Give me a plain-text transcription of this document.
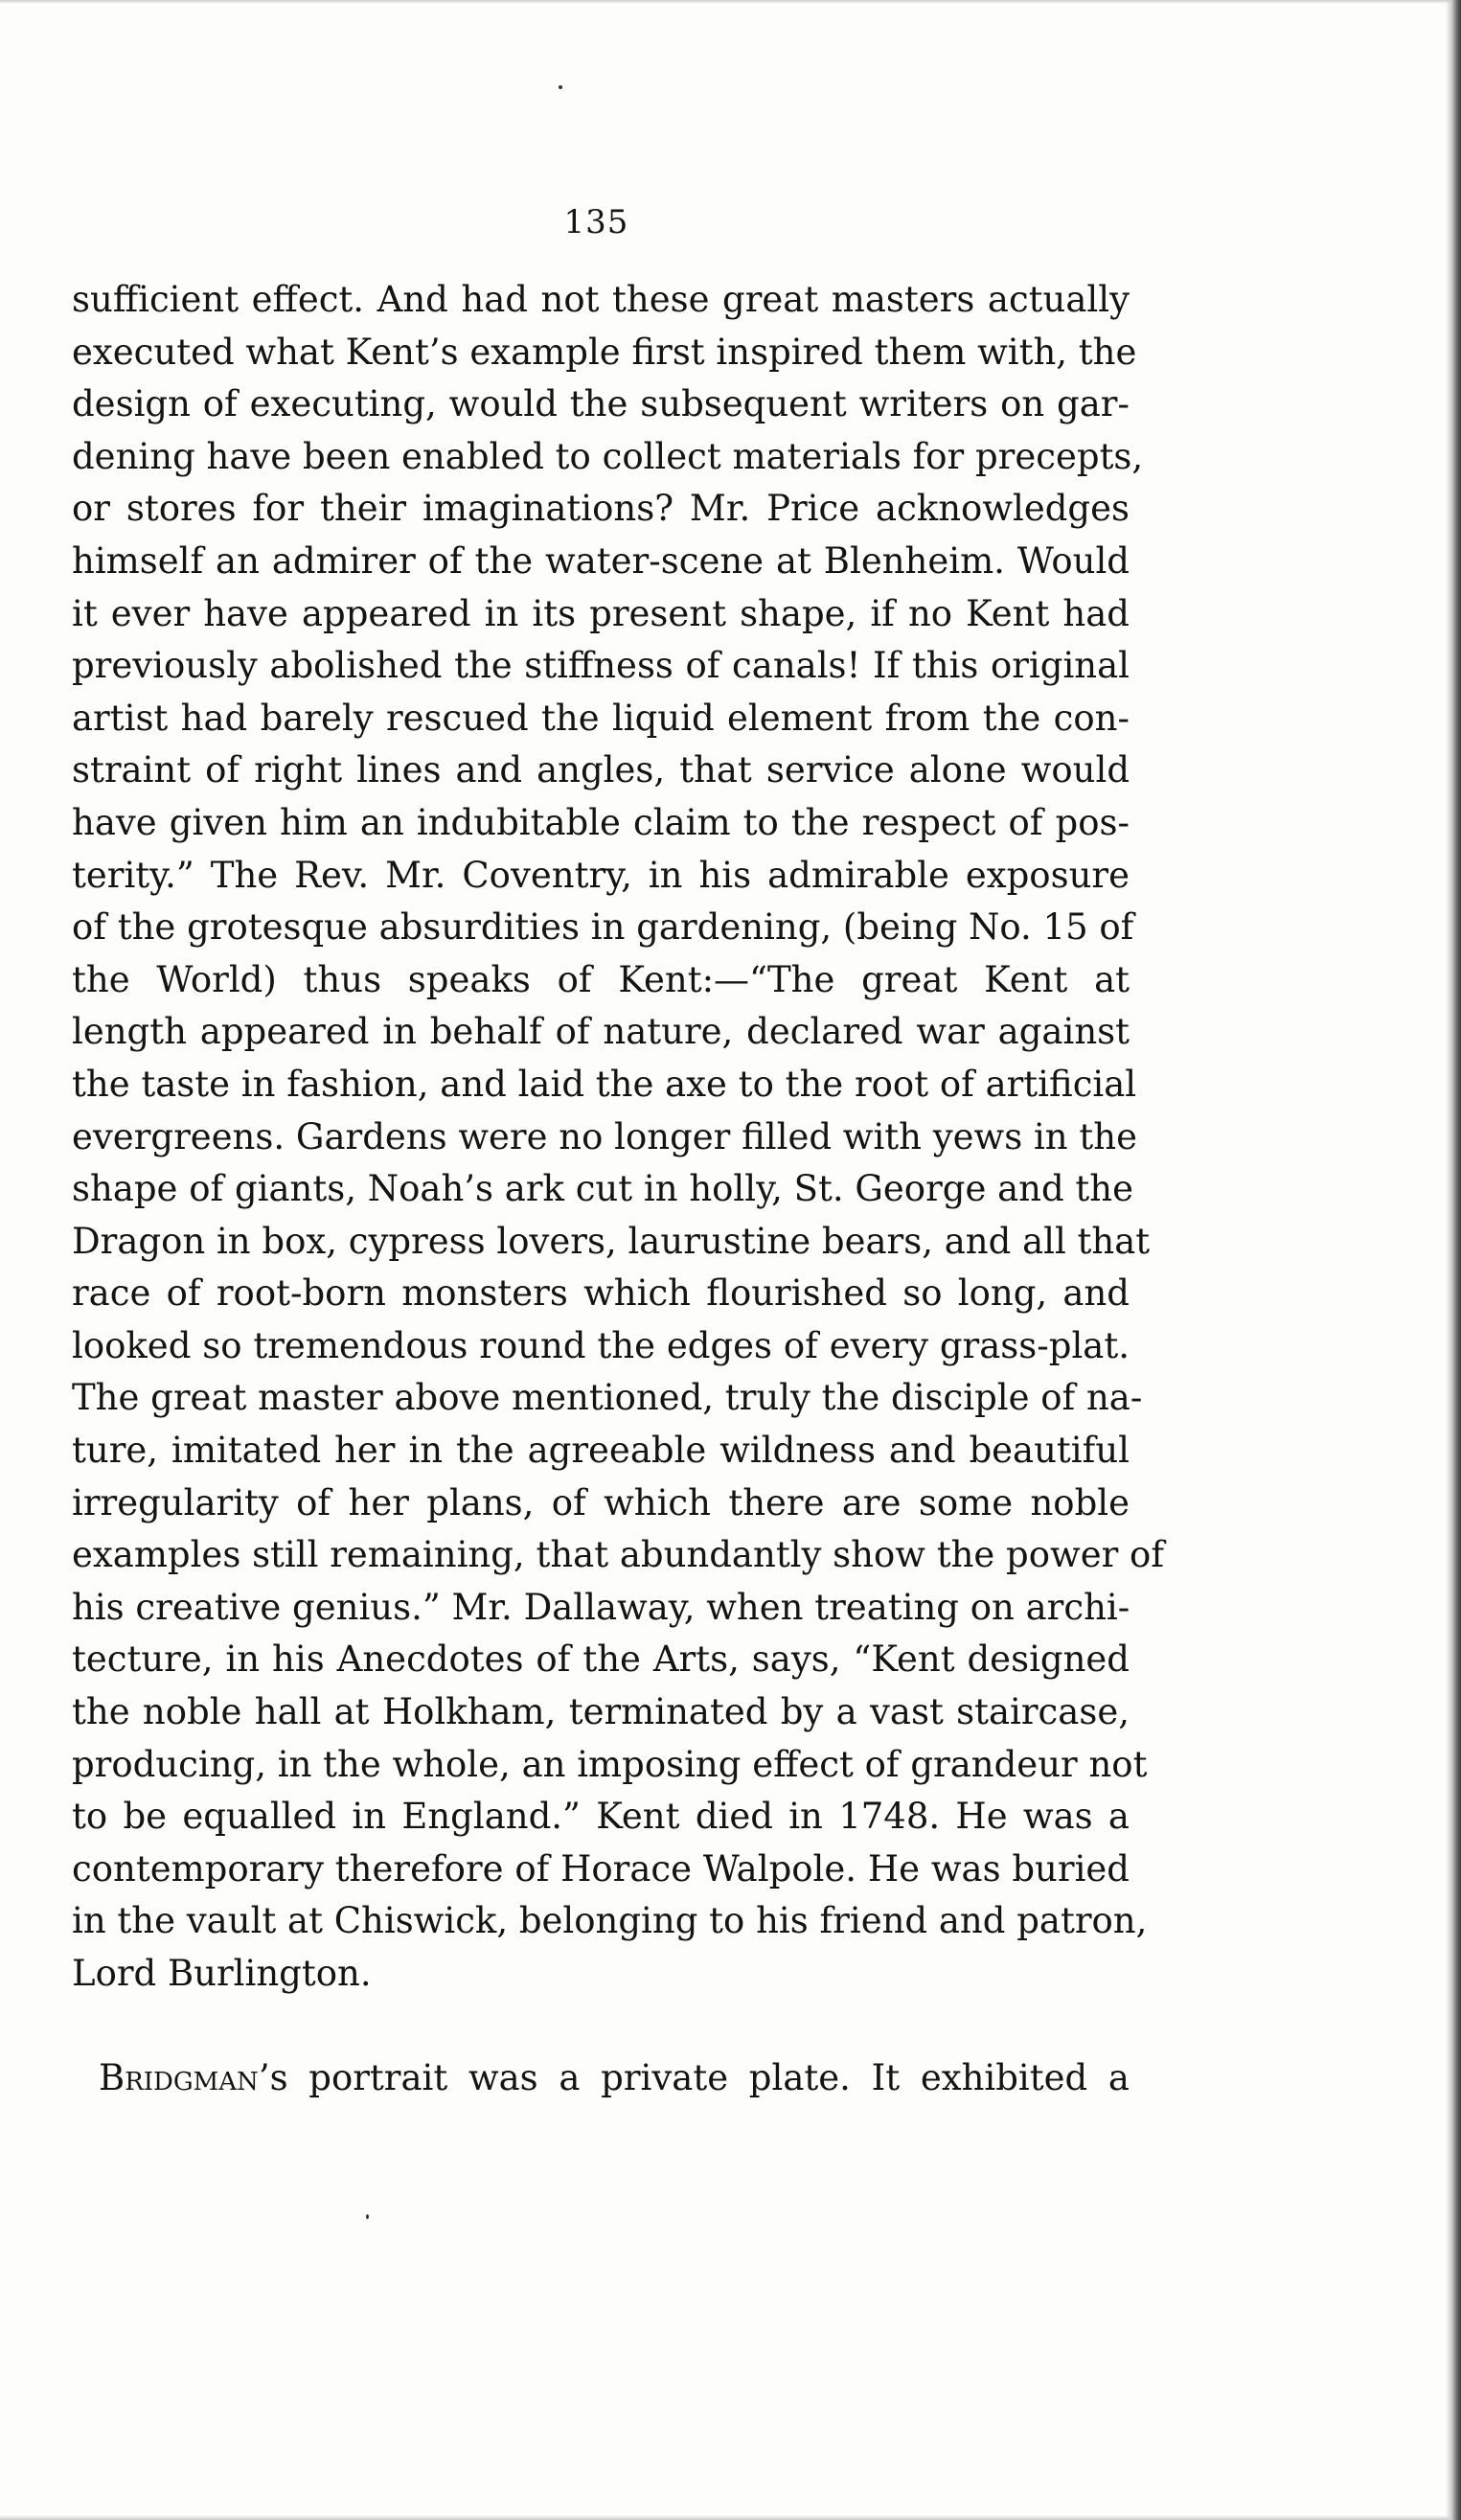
135
sufficient effect. And had not these great masters actually
executed what Kent’s example first inspired them with, the
design of executing, would the subsequent writers on gar-
dening have been enabled to collect materials for precepts,
or stores for their imaginations? Mr. Price acknowledges
himself an admirer of the water-scene at Blenheim. Would
it ever have appeared in its present shape, if no Kent had
previously abolished the stiffness of canals! If this original
artist had barely rescued the liquid element from the con-
straint of right lines and angles, that service alone would
have given him an indubitable claim to the respect of pos-
terity.” The Rev. Mr. Coventry, in his admirable exposure
of the grotesque absurdities in gardening, (being No. 15 of
the World) thus speaks of Kent:—“The great Kent at
length appeared in behalf of nature, declared war against
the taste in fashion, and laid the axe to the root of artificial
evergreens. Gardens were no longer filled with yews in the
shape of giants, Noah’s ark cut in holly, St. George and the
Dragon in box, cypress lovers, laurustine bears, and all that
race of root-born monsters which flourished so long, and
looked so tremendous round the edges of every grass-plat.
The great master above mentioned, truly the disciple of na-
ture, imitated her in the agreeable wildness and beautiful
irregularity of her plans, of which there are some noble
examples still remaining, that abundantly show the power of
his creative genius.” Mr. Dallaway, when treating on archi-
tecture, in his Anecdotes of the Arts, says, “Kent designed
the noble hall at Holkham, terminated by a vast staircase,
producing, in the whole, an imposing effect of grandeur not
to be equalled in England.” Kent died in 1748. He was a
contemporary therefore of Horace Walpole. He was buried
in the vault at Chiswick, belonging to his friend and patron,
Lord Burlington.
Bridgman’s portrait was a private plate. It exhibited a
